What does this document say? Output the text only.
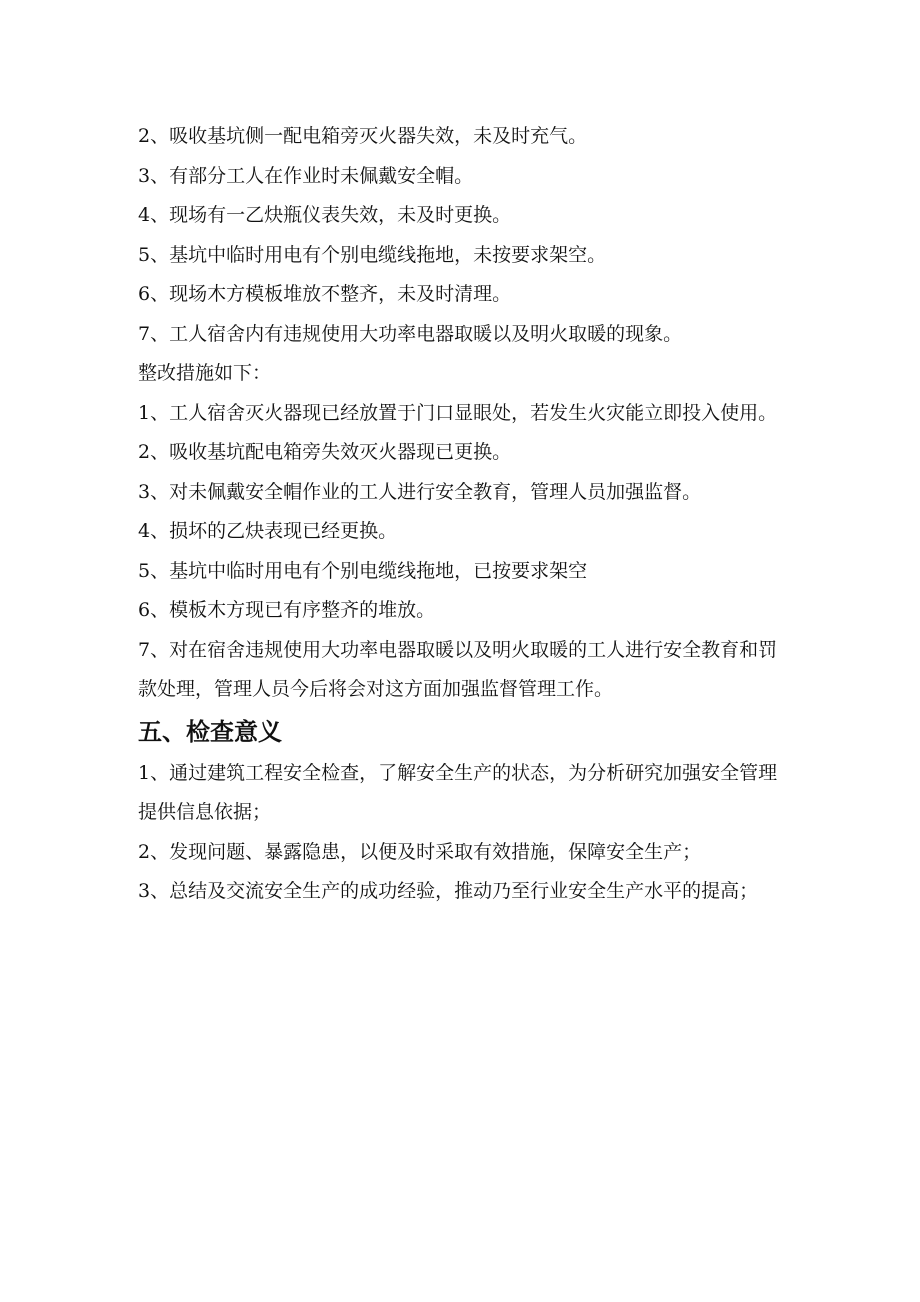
2、吸收基坑侧一配电箱旁灭火器失效，未及时充气。

3、有部分工人在作业时未佩戴安全帽。

4、现场有一乙炔瓶仪表失效，未及时更换。

5、基坑中临时用电有个别电缆线拖地，未按要求架空。

6、现场木方模板堆放不整齐，未及时清理。

7、工人宿舍内有违规使用大功率电器取暖以及明火取暖的现象。

整改措施如下：

1、工人宿舍灭火器现已经放置于门口显眼处，若发生火灾能立即投入使用。

2、吸收基坑配电箱旁失效灭火器现已更换。

3、对未佩戴安全帽作业的工人进行安全教育，管理人员加强监督。

4、损坏的乙炔表现已经更换。

5、基坑中临时用电有个别电缆线拖地，已按要求架空

6、模板木方现已有序整齐的堆放。

7、对在宿舍违规使用大功率电器取暖以及明火取暖的工人进行安全教育和罚款处理，管理人员今后将会对这方面加强监督管理工作。

五、检查意义

1、通过建筑工程安全检查，了解安全生产的状态，为分析研究加强安全管理提供信息依据；

2、发现问题、暴露隐患，以便及时采取有效措施，保障安全生产；

3、总结及交流安全生产的成功经验，推动乃至行业安全生产水平的提高；
